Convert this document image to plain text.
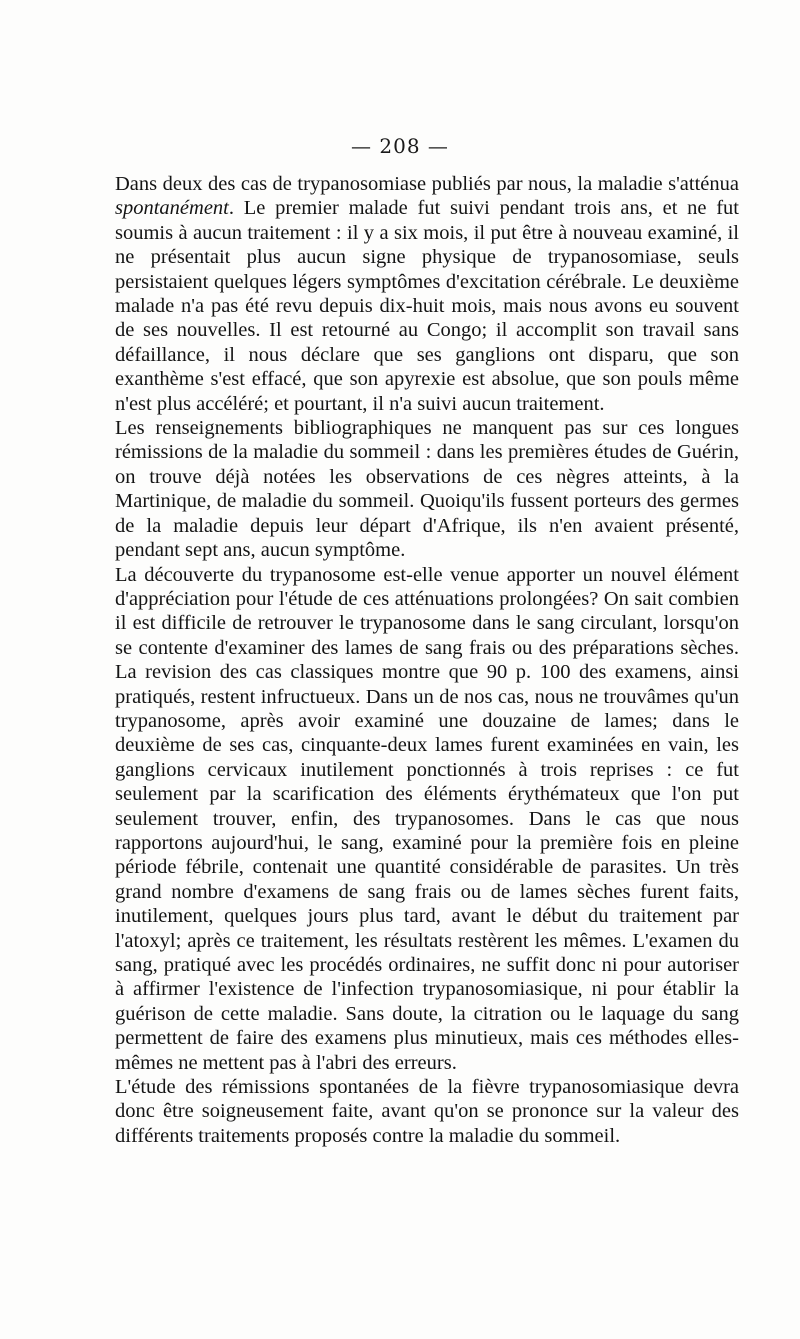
— 208 —

Dans deux des cas de trypanosomiase publiés par nous, la maladie s'atténua spontanément. Le premier malade fut suivi pendant trois ans, et ne fut soumis à aucun traitement : il y a six mois, il put être à nouveau examiné, il ne présentait plus aucun signe physique de trypanosomiase, seuls persistaient quelques légers symptômes d'excitation cérébrale. Le deuxième malade n'a pas été revu depuis dix-huit mois, mais nous avons eu souvent de ses nouvelles. Il est retourné au Congo; il accomplit son travail sans défaillance, il nous déclare que ses ganglions ont disparu, que son exanthème s'est effacé, que son apyrexie est absolue, que son pouls même n'est plus accéléré; et pourtant, il n'a suivi aucun traitement.

Les renseignements bibliographiques ne manquent pas sur ces longues rémissions de la maladie du sommeil : dans les premières études de Guérin, on trouve déjà notées les observations de ces nègres atteints, à la Martinique, de maladie du sommeil. Quoiqu'ils fussent porteurs des germes de la maladie depuis leur départ d'Afrique, ils n'en avaient présenté, pendant sept ans, aucun symptôme.

La découverte du trypanosome est-elle venue apporter un nouvel élément d'appréciation pour l'étude de ces atténuations prolongées? On sait combien il est difficile de retrouver le trypanosome dans le sang circulant, lorsqu'on se contente d'examiner des lames de sang frais ou des préparations sèches. La revision des cas classiques montre que 90 p. 100 des examens, ainsi pratiqués, restent infructueux. Dans un de nos cas, nous ne trouvâmes qu'un trypanosome, après avoir examiné une douzaine de lames; dans le deuxième de ses cas, cinquante-deux lames furent examinées en vain, les ganglions cervicaux inutilement ponctionnés à trois reprises : ce fut seulement par la scarification des éléments érythémateux que l'on put seulement trouver, enfin, des trypanosomes. Dans le cas que nous rapportons aujourd'hui, le sang, examiné pour la première fois en pleine période fébrile, contenait une quantité considérable de parasites. Un très grand nombre d'examens de sang frais ou de lames sèches furent faits, inutilement, quelques jours plus tard, avant le début du traitement par l'atoxyl; après ce traitement, les résultats restèrent les mêmes. L'examen du sang, pratiqué avec les procédés ordinaires, ne suffit donc ni pour autoriser à affirmer l'existence de l'infection trypanosomiasique, ni pour établir la guérison de cette maladie. Sans doute, la citration ou le laquage du sang permettent de faire des examens plus minutieux, mais ces méthodes elles-mêmes ne mettent pas à l'abri des erreurs.

L'étude des rémissions spontanées de la fièvre trypanosomiasique devra donc être soigneusement faite, avant qu'on se prononce sur la valeur des différents traitements proposés contre la maladie du sommeil.
